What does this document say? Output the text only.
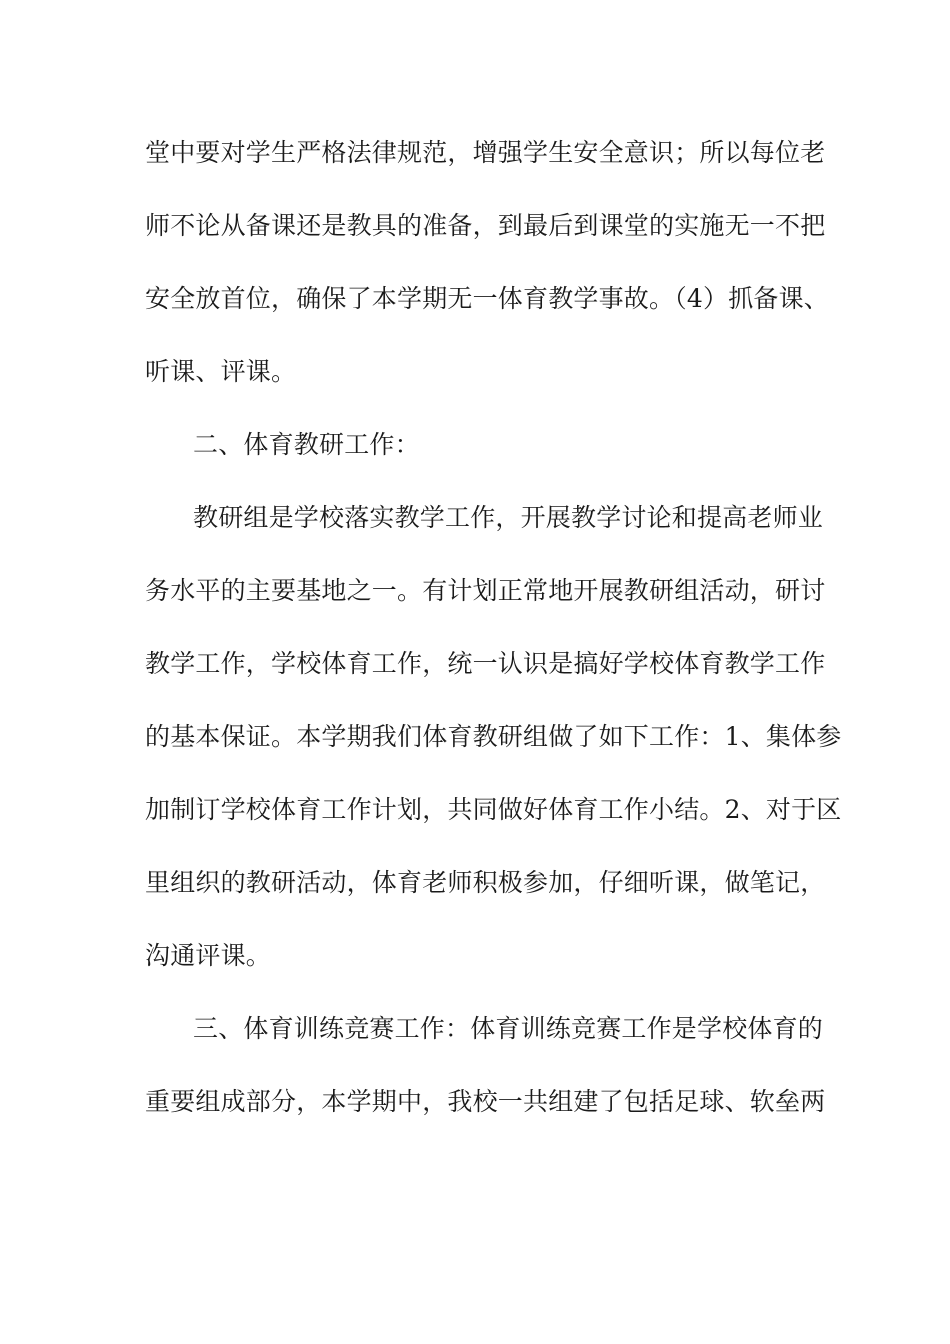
堂中要对学生严格法律规范，增强学生安全意识；所以每位老
师不论从备课还是教具的准备，到最后到课堂的实施无一不把
安全放首位，确保了本学期无一体育教学事故。（4）抓备课、
听课、评课。
二、体育教研工作：
教研组是学校落实教学工作，开展教学讨论和提高老师业
务水平的主要基地之一。有计划正常地开展教研组活动，研讨
教学工作，学校体育工作，统一认识是搞好学校体育教学工作
的基本保证。本学期我们体育教研组做了如下工作：1、集体参
加制订学校体育工作计划，共同做好体育工作小结。2、对于区
里组织的教研活动，体育老师积极参加，仔细听课，做笔记，
沟通评课。
三、体育训练竞赛工作：体育训练竞赛工作是学校体育的
重要组成部分，本学期中，我校一共组建了包括足球、软垒两
